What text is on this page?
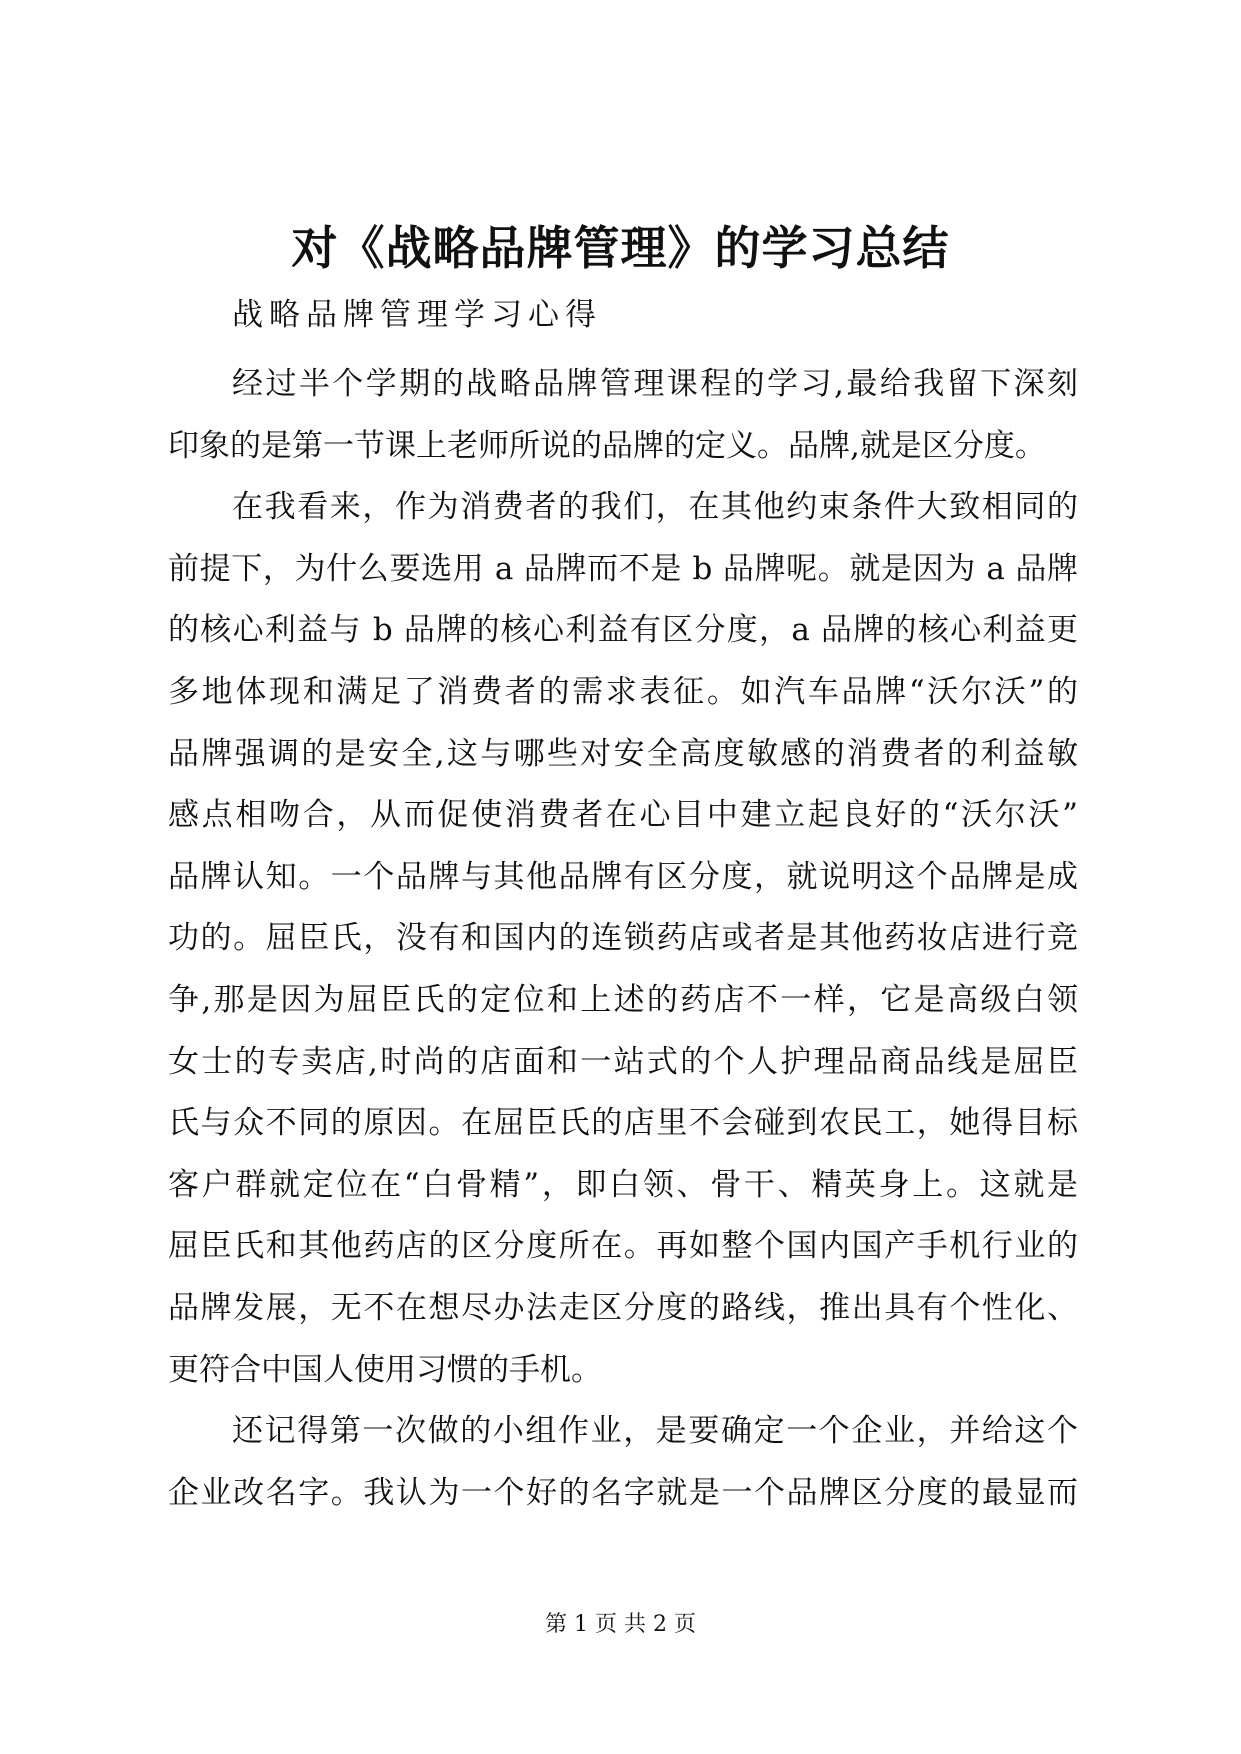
对《战略品牌管理》的学习总结
战略品牌管理学习心得
经过半个学期的战略品牌管理课程的学习,最给我留下深刻
印象的是第一节课上老师所说的品牌的定义。品牌,就是区分度。
在我看来，作为消费者的我们，在其他约束条件大致相同的
前提下，为什么要选用 a 品牌而不是 b 品牌呢。就是因为 a 品牌
的核心利益与 b 品牌的核心利益有区分度，a 品牌的核心利益更
多地体现和满足了消费者的需求表征。如汽车品牌“沃尔沃”的
品牌强调的是安全,这与哪些对安全高度敏感的消费者的利益敏
感点相吻合，从而促使消费者在心目中建立起良好的“沃尔沃”
品牌认知。一个品牌与其他品牌有区分度，就说明这个品牌是成
功的。屈臣氏，没有和国内的连锁药店或者是其他药妆店进行竞
争,那是因为屈臣氏的定位和上述的药店不一样，它是高级白领
女士的专卖店,时尚的店面和一站式的个人护理品商品线是屈臣
氏与众不同的原因。在屈臣氏的店里不会碰到农民工，她得目标
客户群就定位在“白骨精”，即白领、骨干、精英身上。这就是
屈臣氏和其他药店的区分度所在。再如整个国内国产手机行业的
品牌发展，无不在想尽办法走区分度的路线，推出具有个性化、
更符合中国人使用习惯的手机。
还记得第一次做的小组作业，是要确定一个企业，并给这个
企业改名字。我认为一个好的名字就是一个品牌区分度的最显而
第 1 页 共 2 页
